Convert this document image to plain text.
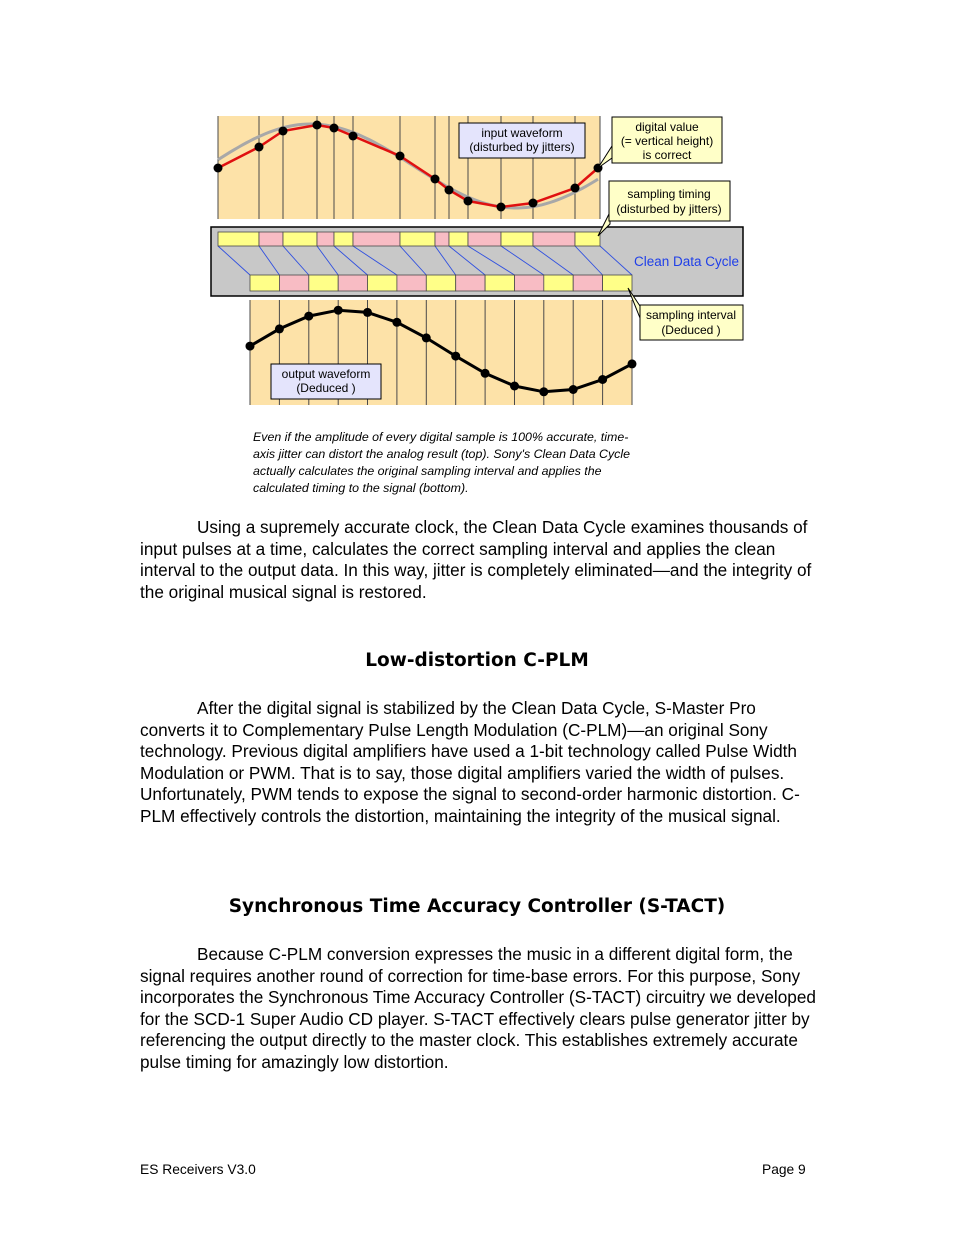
Clean Data Cycle
input waveform
(disturbed by jitters)
digital value
(= vertical height)
is correct
sampling timing
(disturbed by jitters)
sampling interval
(Deduced )
output waveform
(Deduced )
Even if the amplitude of every digital sample is 100% accurate, time-
axis jitter can distort the analog result (top). Sony's Clean Data Cycle
actually calculates the original sampling interval and applies the
calculated timing to the signal (bottom).

Using a supremely accurate clock, the Clean Data Cycle examines thousands of input pulses at a time, calculates the correct sampling interval and applies the clean interval to the output data. In this way, jitter is completely eliminated—and the integrity of the original musical signal is restored.

Low-distortion C-PLM

After the digital signal is stabilized by the Clean Data Cycle, S-Master Pro converts it to Complementary Pulse Length Modulation (C-PLM)—an original Sony technology. Previous digital amplifiers have used a 1-bit technology called Pulse Width Modulation or PWM. That is to say, those digital amplifiers varied the width of pulses. Unfortunately, PWM tends to expose the signal to second-order harmonic distortion. C-PLM effectively controls the distortion, maintaining the integrity of the musical signal.

Synchronous Time Accuracy Controller (S-TACT)

Because C-PLM conversion expresses the music in a different digital form, the signal requires another round of correction for time-base errors. For this purpose, Sony incorporates the Synchronous Time Accuracy Controller (S-TACT) circuitry we developed for the SCD-1 Super Audio CD player. S-TACT effectively clears pulse generator jitter by referencing the output directly to the master clock. This establishes extremely accurate pulse timing for amazingly low distortion.

ES Receivers V3.0	Page 9
